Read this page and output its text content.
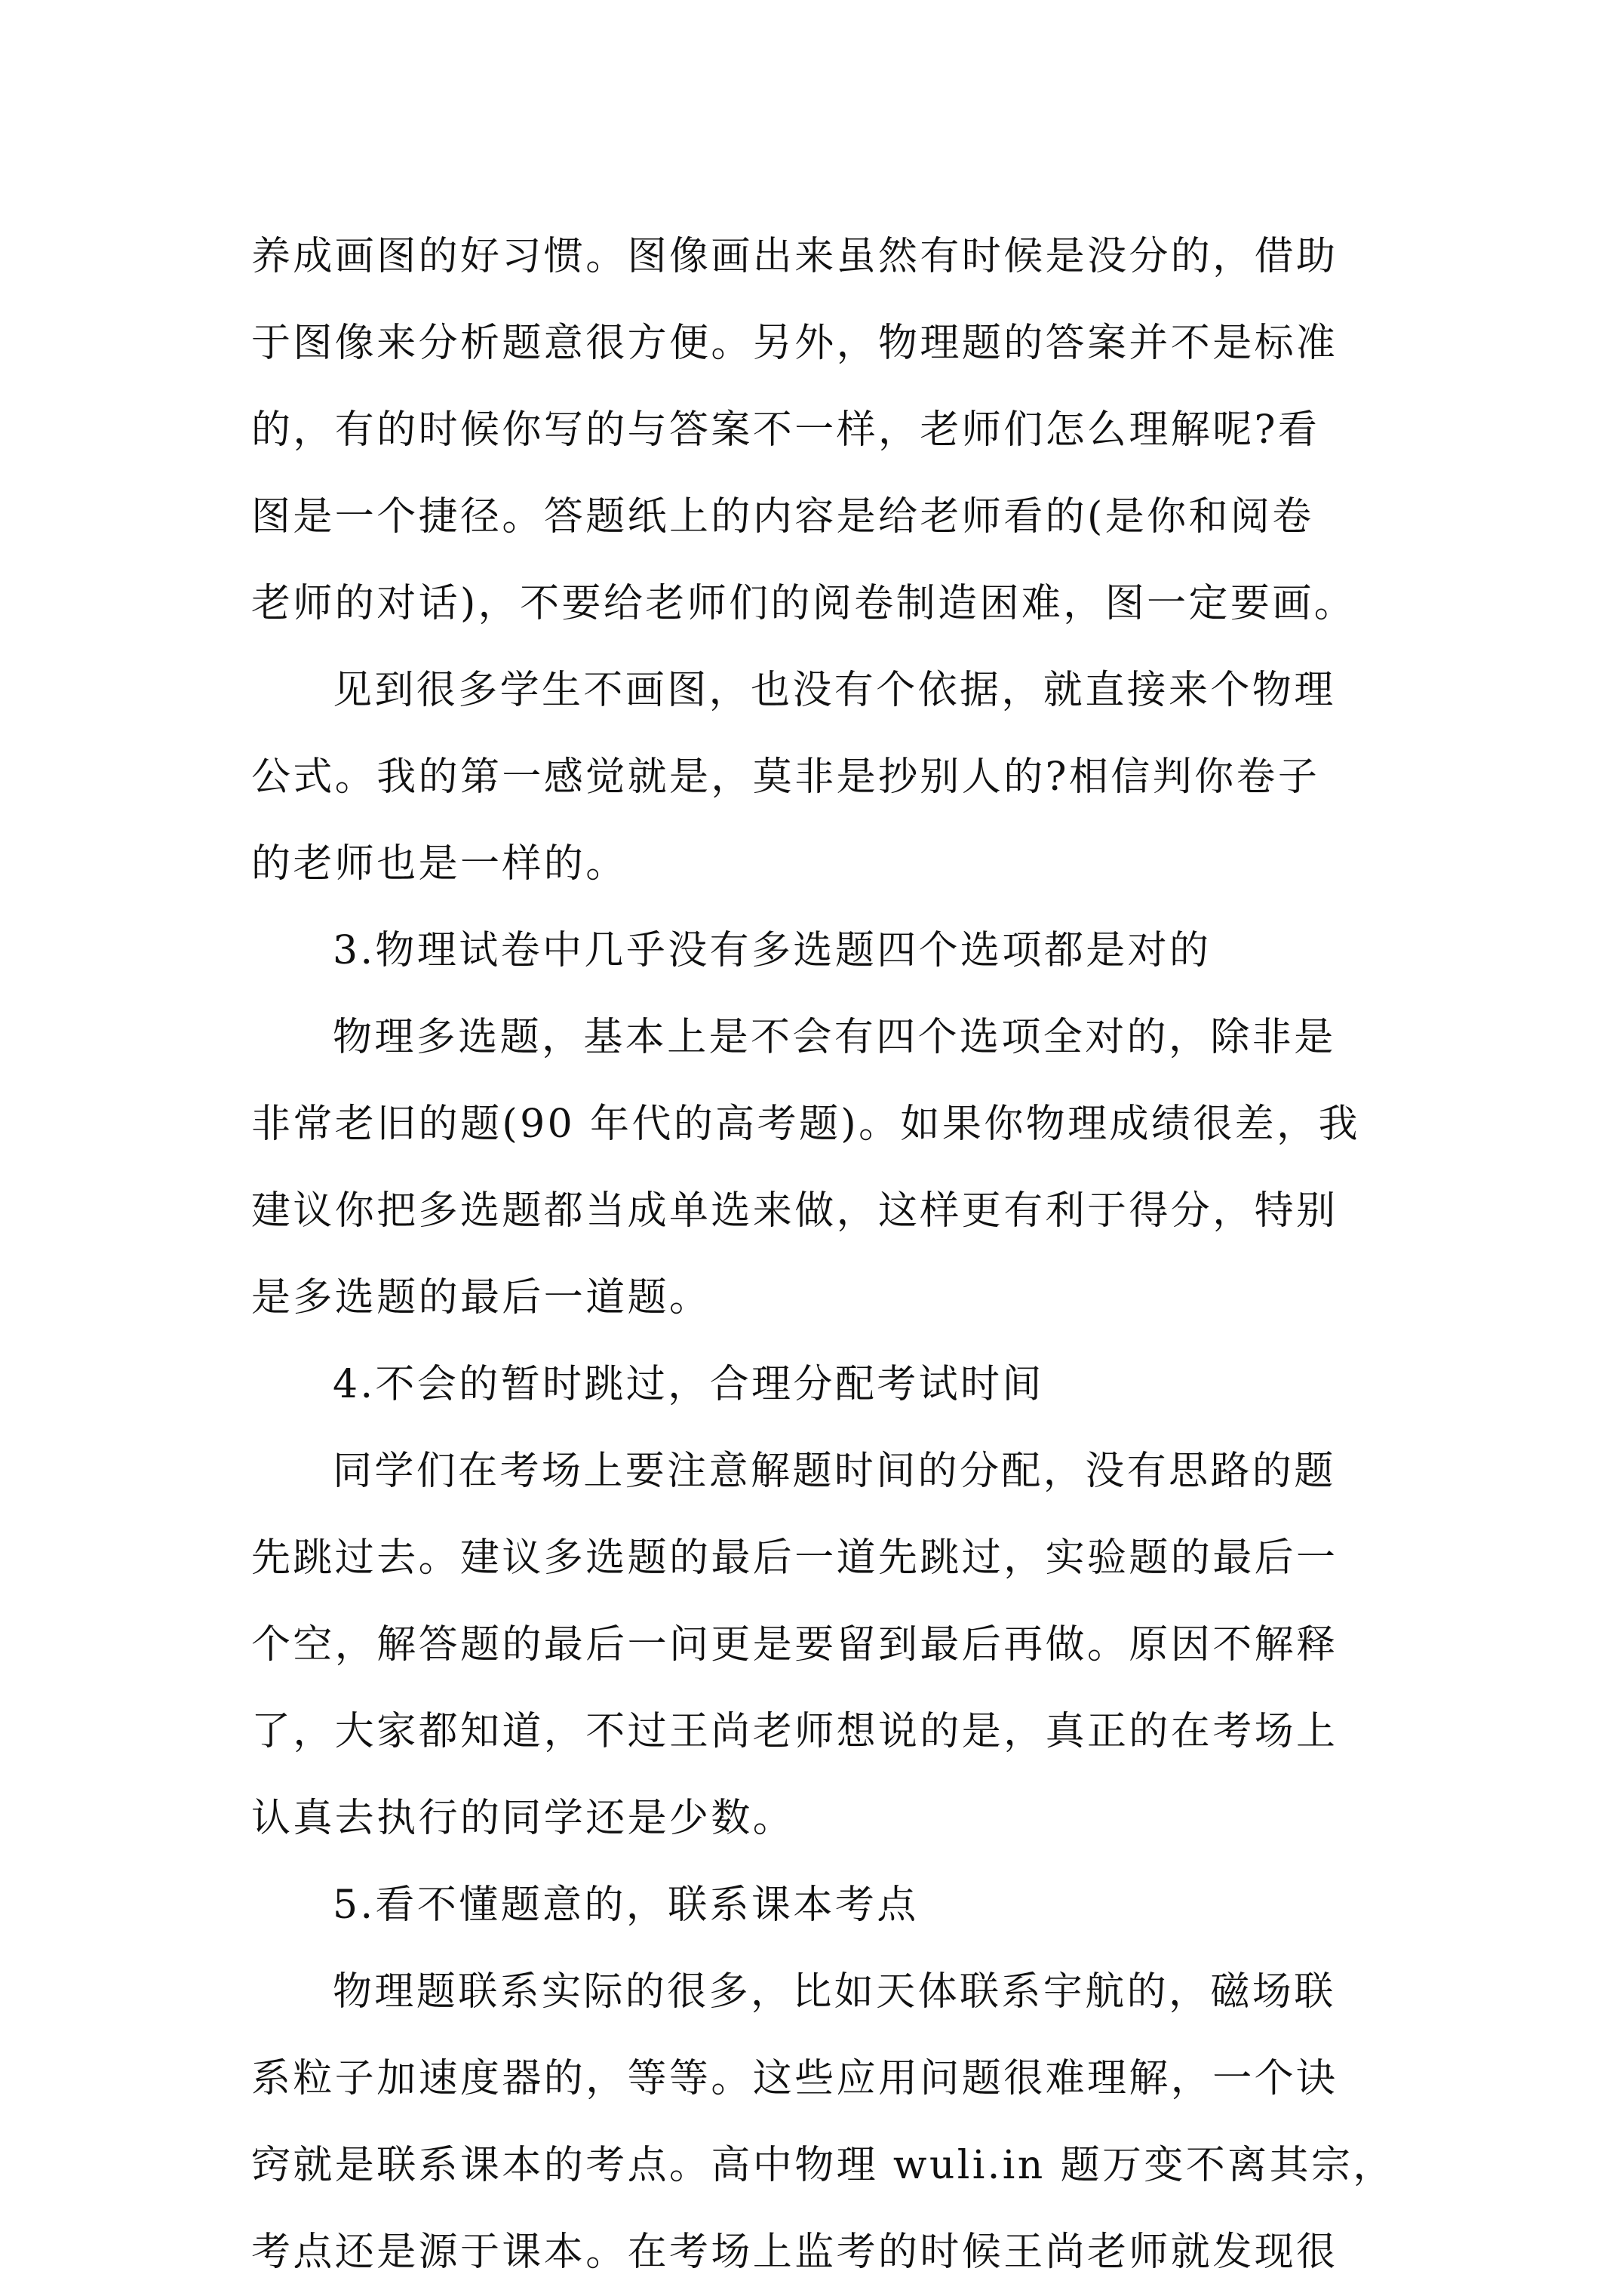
养成画图的好习惯。图像画出来虽然有时候是没分的，借助
于图像来分析题意很方便。另外，物理题的答案并不是标准
的，有的时候你写的与答案不一样，老师们怎么理解呢?看
图是一个捷径。答题纸上的内容是给老师看的(是你和阅卷
老师的对话)，不要给老师们的阅卷制造困难，图一定要画。
见到很多学生不画图，也没有个依据，就直接来个物理
公式。我的第一感觉就是，莫非是抄别人的?相信判你卷子
的老师也是一样的。
3.物理试卷中几乎没有多选题四个选项都是对的
物理多选题，基本上是不会有四个选项全对的，除非是
非常老旧的题(90 年代的高考题)。如果你物理成绩很差，我
建议你把多选题都当成单选来做，这样更有利于得分，特别
是多选题的最后一道题。
4.不会的暂时跳过，合理分配考试时间
同学们在考场上要注意解题时间的分配，没有思路的题
先跳过去。建议多选题的最后一道先跳过，实验题的最后一
个空，解答题的最后一问更是要留到最后再做。原因不解释
了，大家都知道，不过王尚老师想说的是，真正的在考场上
认真去执行的同学还是少数。
5.看不懂题意的，联系课本考点
物理题联系实际的很多，比如天体联系宇航的，磁场联
系粒子加速度器的，等等。这些应用问题很难理解，一个诀
窍就是联系课本的考点。高中物理 wuli.in 题万变不离其宗，
考点还是源于课本。在考场上监考的时候王尚老师就发现很
